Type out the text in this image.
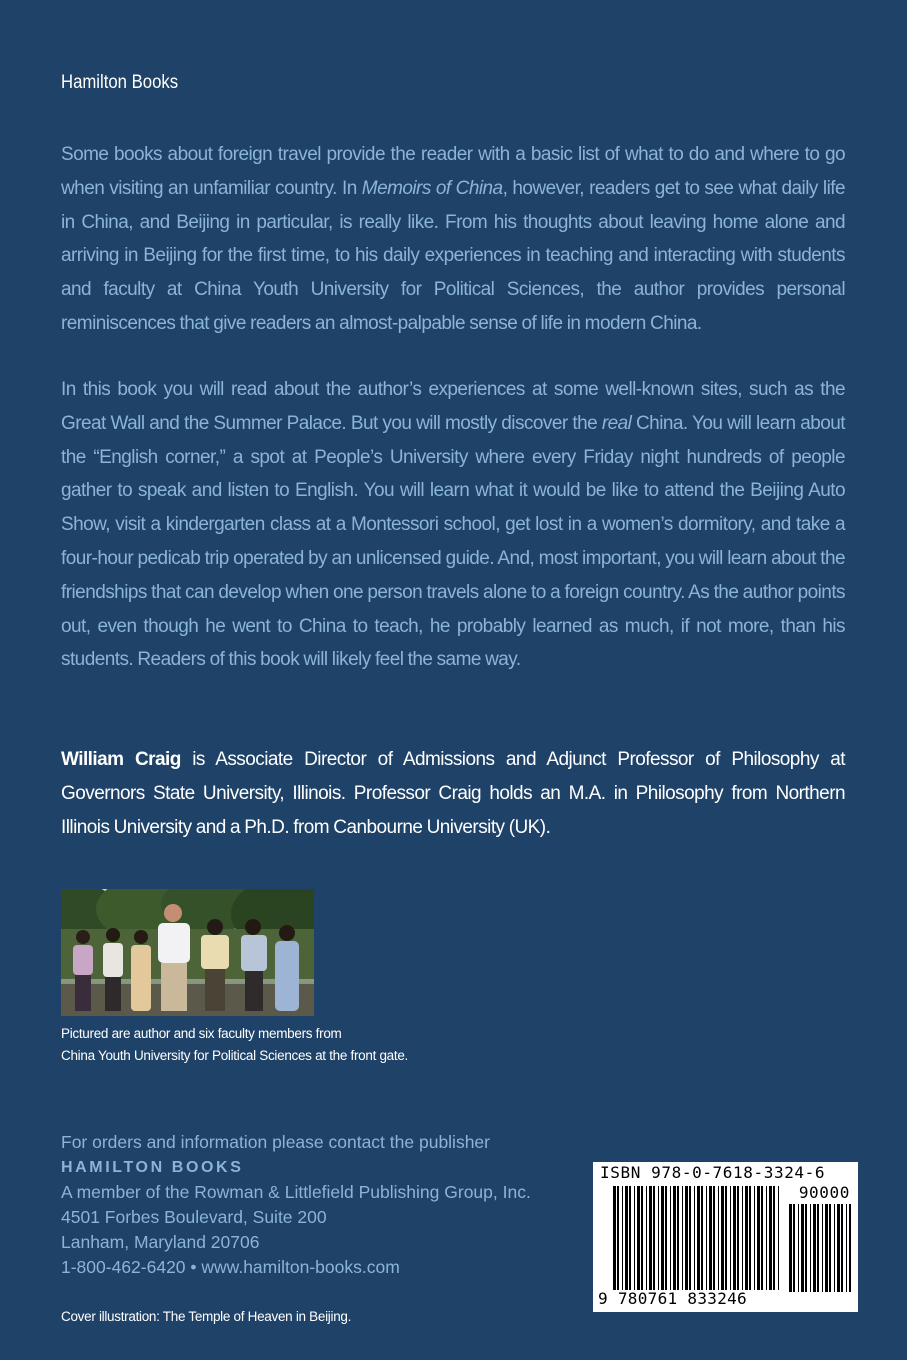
Hamilton Books

Some books about foreign travel provide the reader with a basic list of what to do and where to go when visiting an unfamiliar country. In Memoirs of China, however, readers get to see what daily life in China, and Beijing in particular, is really like. From his thoughts about leaving home alone and arriving in Beijing for the first time, to his daily experiences in teaching and interacting with students and faculty at China Youth University for Political Sciences, the author provides personal reminiscences that give readers an almost-palpable sense of life in modern China.

In this book you will read about the author’s experiences at some well-known sites, such as the Great Wall and the Summer Palace. But you will mostly discover the real China. You will learn about the “English corner,” a spot at People’s University where every Friday night hundreds of people gather to speak and listen to English. You will learn what it would be like to attend the Beijing Auto Show, visit a kindergarten class at a Montessori school, get lost in a women’s dormitory, and take a four-hour pedicab trip operated by an unlicensed guide. And, most important, you will learn about the friendships that can develop when one person travels alone to a foreign country. As the author points out, even though he went to China to teach, he probably learned as much, if not more, than his students. Readers of this book will likely feel the same way.

William Craig is Associate Director of Admissions and Adjunct Professor of Philosophy at Governors State University, Illinois. Professor Craig holds an M.A. in Philosophy from Northern Illinois University and a Ph.D. from Canbourne University (UK).

Pictured are author and six faculty members from
China Youth University for Political Sciences at the front gate.
For orders and information please contact the publisher
HAMILTON BOOKS
A member of the Rowman & Littlefield Publishing Group, Inc.
4501 Forbes Boulevard, Suite 200
Lanham, Maryland 20706
1-800-462-6420 • www.hamilton-books.com
ISBN 978-0-7618-3324-6
90000
9 780761 833246
Cover illustration: The Temple of Heaven in Beijing.
